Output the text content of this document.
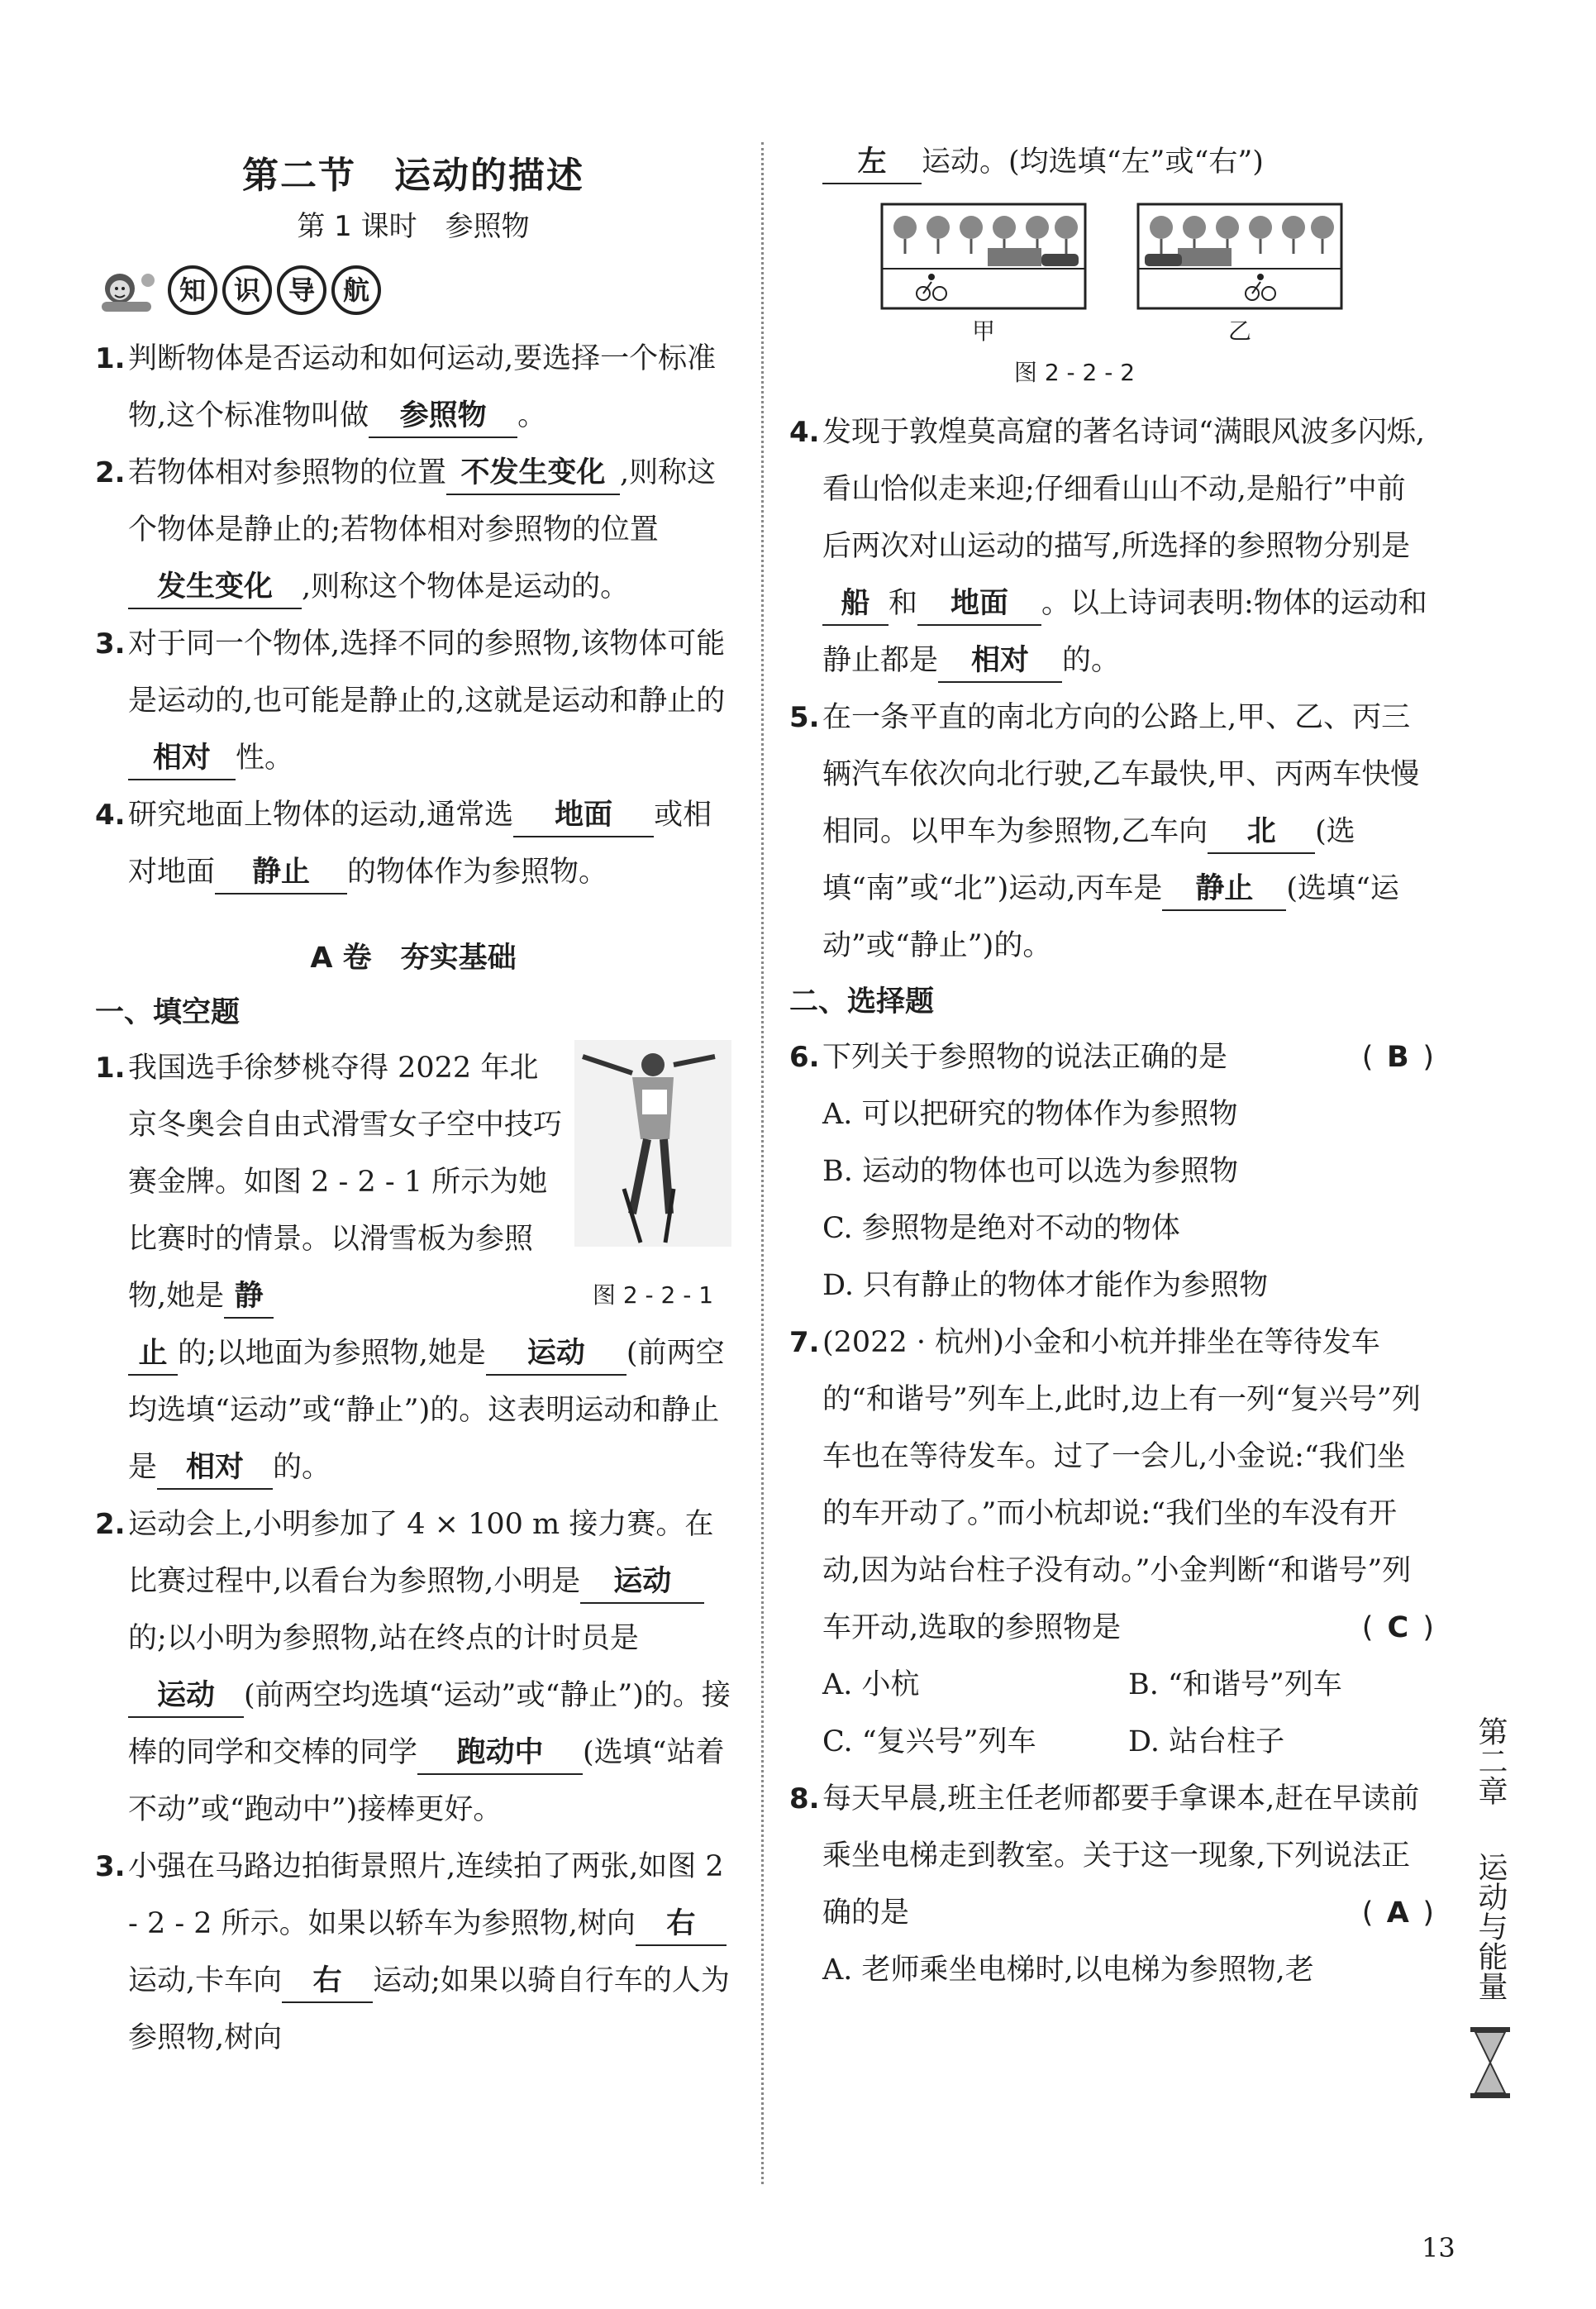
第二节　运动的描述
第 1 课时　参照物
知	识	导	航
1. 判断物体是否运动和如何运动,要选择一个标准物,这个标准物叫做 参照物 。
2. 若物体相对参照物的位置 不发生变化 ,则称这个物体是静止的;若物体相对参照物的位置发生变化 ,则称这个物体是运动的。
3. 对于同一个物体,选择不同的参照物,该物体可能是运动的,也可能是静止的,这就是运动和静止的相对 性。
4. 研究地面上物体的运动,通常选 地面 或相对地面 静止 的物体作为参照物。
A 卷　夯实基础
一、填空题
1.
图 2 - 2 - 1
我国选手徐梦桃夺得 2022 年北京冬奥会自由式滑雪女子空中技巧赛金牌。如图 2 - 2 - 1 所示为她比赛时的情景。以滑雪板为参照物,她是 静
止 的;以地面为参照物,她是 运动 (前两空均选填“运动”或“静止”)的。这表明运动和静止是 相对 的。
2. 运动会上,小明参加了 4 × 100 m 接力赛。在比赛过程中,以看台为参照物,小明是 运动的;以小明为参照物,站在终点的计时员是运动 (前两空均选填“运动”或“静止”)的。接棒的同学和交棒的同学 跑动中 (选填“站着不动”或“跑动中”)接棒更好。
3. 小强在马路边拍街景照片,连续拍了两张,如图 2 - 2 - 2 所示。如果以轿车为参照物,树向 右运动,卡车向 右 运动;如果以骑自行车的人为参照物,树向
左 运动。(均选填“左”或“右”)
甲	乙
图 2 - 2 - 2
4. 发现于敦煌莫高窟的著名诗词“满眼风波多闪烁,看山恰似走来迎;仔细看山山不动,是船行”中前后两次对山运动的描写,所选择的参照物分别是船 和 地面 。以上诗词表明:物体的运动和静止都是 相对 的。
5. 在一条平直的南北方向的公路上,甲、乙、丙三辆汽车依次向北行驶,乙车最快,甲、丙两车快慢相同。以甲车为参照物,乙车向 北 (选填“南”或“北”)运动,丙车是 静止 (选填“运动”或“静止”)的。
二、选择题
6. 下列关于参照物的说法正确的是	( B )
A. 可以把研究的物体作为参照物
B. 运动的物体也可以选为参照物
C. 参照物是绝对不动的物体
D. 只有静止的物体才能作为参照物
7. (2022 · 杭州)小金和小杭并排坐在等待发车的“和谐号”列车上,此时,边上有一列“复兴号”列车也在等待发车。过了一会儿,小金说:“我们坐的车开动了。”而小杭却说:“我们坐的车没有开动,因为站台柱子没有动。”小金判断“和谐号”列车开动,选取的参照物是	( C )
A. 小杭	B. “和谐号”列车
C. “复兴号”列车	D. 站台柱子
8. 每天早晨,班主任老师都要手拿课本,赶在早读前乘坐电梯走到教室。关于这一现象,下列说法正确的是	( A )
A. 老师乘坐电梯时,以电梯为参照物,老
第二章
运动与能量
13
